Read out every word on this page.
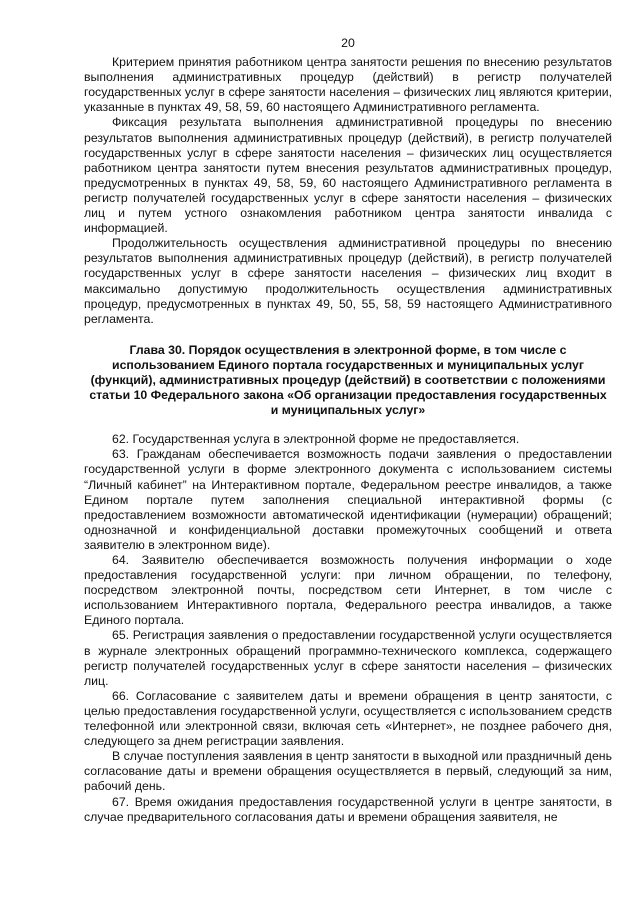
20

Критерием принятия работником центра занятости решения по внесению результатов выполнения административных процедур (действий) в регистр получателей государственных услуг в сфере занятости населения – физических лиц являются критерии, указанные в пунктах 49, 58, 59, 60 настоящего Административного регламента.

Фиксация результата выполнения административной процедуры по внесению результатов выполнения административных процедур (действий), в регистр получателей государственных услуг в сфере занятости населения – физических лиц осуществляется работником центра занятости путем внесения результатов административных процедур, предусмотренных в пунктах 49, 58, 59, 60 настоящего Административного регламента в регистр получателей государственных услуг в сфере занятости населения – физических лиц и путем устного ознакомления работником центра занятости инвалида с информацией.

Продолжительность осуществления административной процедуры по внесению результатов выполнения административных процедур (действий), в регистр получателей государственных услуг в сфере занятости населения – физических лиц входит в максимально допустимую продолжительность осуществления административных процедур, предусмотренных в пунктах 49, 50, 55, 58, 59 настоящего Административного регламента.

Глава 30. Порядок осуществления в электронной форме, в том числе с использованием Единого портала государственных и муниципальных услуг (функций), административных процедур (действий) в соответствии с положениями статьи 10 Федерального закона «Об организации предоставления государственных и муниципальных услуг»

62. Государственная услуга в электронной форме не предоставляется.

63. Гражданам обеспечивается возможность подачи заявления о предоставлении государственной услуги в форме электронного документа с использованием системы “Личный кабинет” на Интерактивном портале, Федеральном реестре инвалидов, а также Едином портале путем заполнения специальной интерактивной формы (с предоставлением возможности автоматической идентификации (нумерации) обращений; однозначной и конфиденциальной доставки промежуточных сообщений и ответа заявителю в электронном виде).

64. Заявителю обеспечивается возможность получения информации о ходе предоставления государственной услуги: при личном обращении, по телефону, посредством электронной почты, посредством сети Интернет, в том числе с использованием Интерактивного портала, Федерального реестра инвалидов, а также Единого портала.

65. Регистрация заявления о предоставлении государственной услуги осуществляется в журнале электронных обращений программно-технического комплекса, содержащего регистр получателей государственных услуг в сфере занятости населения – физических лиц.

66. Согласование с заявителем даты и времени обращения в центр занятости, с целью предоставления государственной услуги, осуществляется с использованием средств телефонной или электронной связи, включая сеть «Интернет», не позднее рабочего дня, следующего за днем регистрации заявления.

В случае поступления заявления в центр занятости в выходной или праздничный день согласование даты и времени обращения осуществляется в первый, следующий за ним, рабочий день.

67. Время ожидания предоставления государственной услуги в центре занятости, в случае предварительного согласования даты и времени обращения заявителя, не
